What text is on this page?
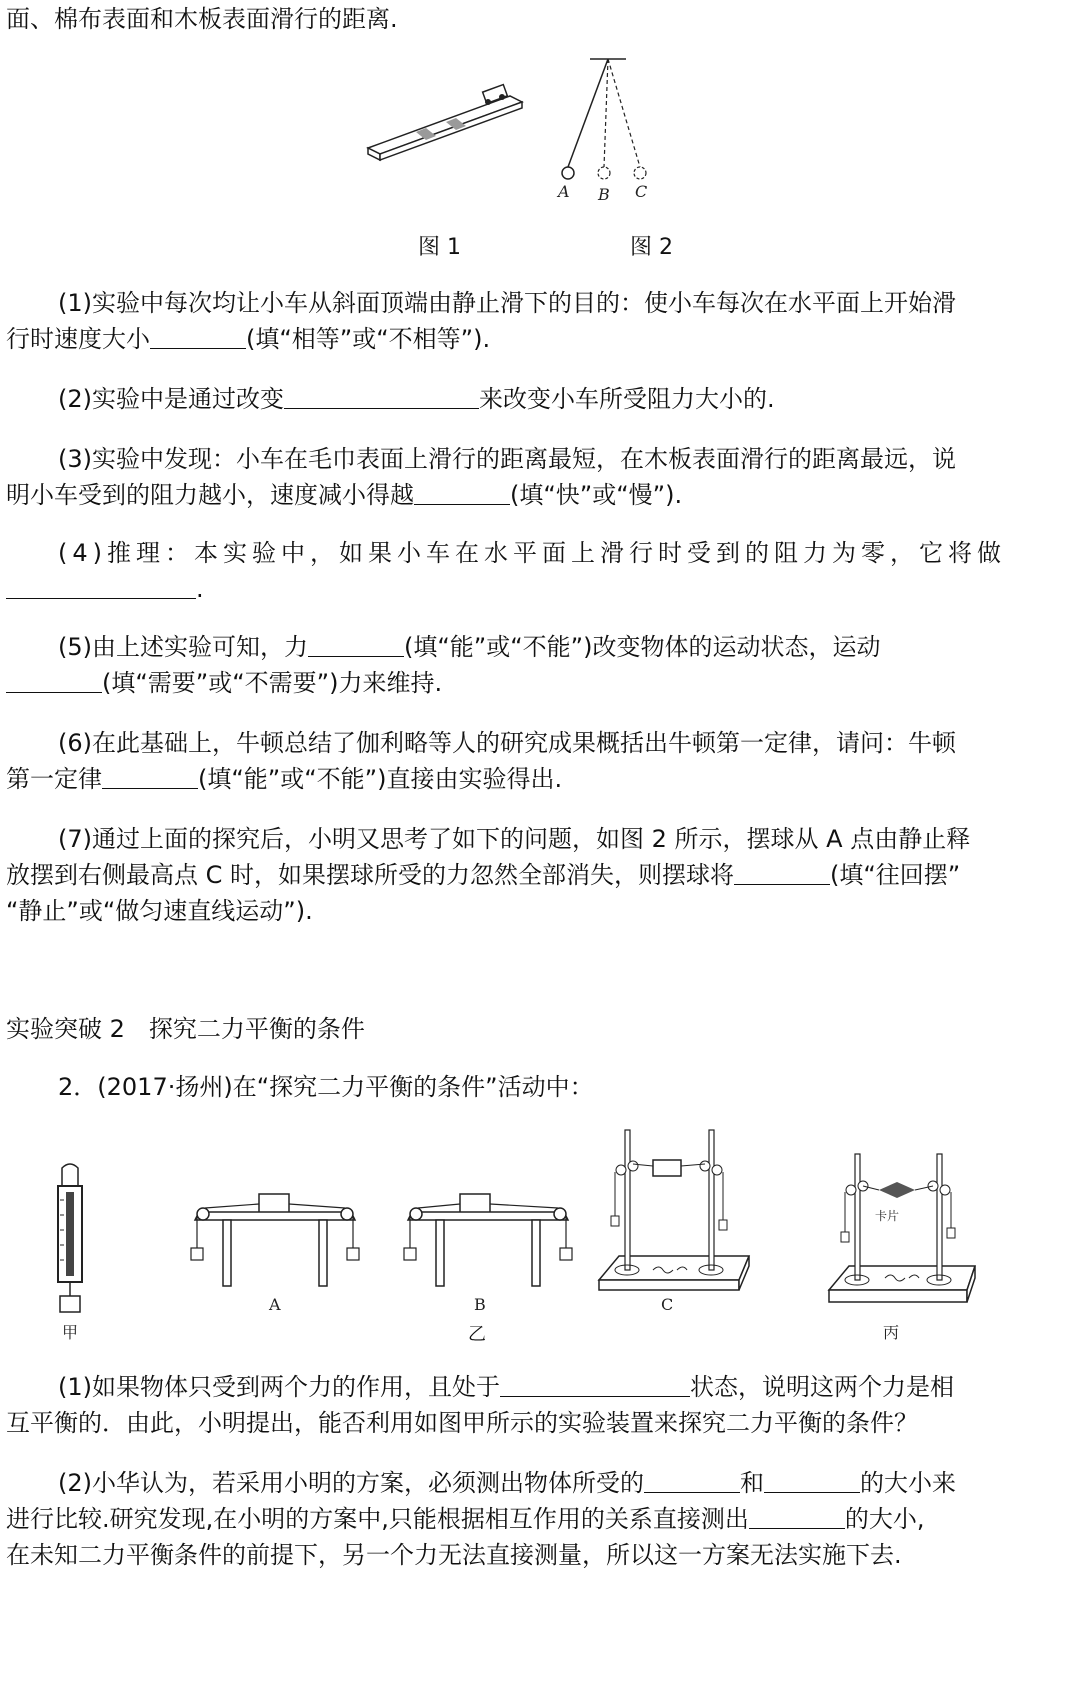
面、棉布表面和木板表面滑行的距离.
图 1
A B C
图 2
(1)实验中每次均让小车从斜面顶端由静止滑下的目的：使小车每次在水平面上开始滑
行时速度大小	(填“相等”或“不相等”).
(2)实验中是通过改变	来改变小车所受阻力大小的.
(3)实验中发现：小车在毛巾表面上滑行的距离最短，在木板表面滑行的距离最远，说
明小车受到的阻力越小，速度减小得越	(填“快”或“慢”).
(4)推理：本实验中，如果小车在水平面上滑行时受到的阻力为零，它将做
.
(5)由上述实验可知，力	(填“能”或“不能”)改变物体的运动状态，运动
(填“需要”或“不需要”)力来维持.
(6)在此基础上，牛顿总结了伽利略等人的研究成果概括出牛顿第一定律，请问：牛顿
第一定律	(填“能”或“不能”)直接由实验得出.
(7)通过上面的探究后，小明又思考了如下的问题，如图 2 所示，摆球从 A 点由静止释
放摆到右侧最高点 C 时，如果摆球所受的力忽然全部消失，则摆球将	(填“往回摆”
“静止”或“做匀速直线运动”).
实验突破 2　探究二力平衡的条件
2．(2017·扬州)在“探究二力平衡的条件”活动中：
甲
A	B
乙
C
卡片
丙
(1)如果物体只受到两个力的作用，且处于	状态，说明这两个力是相
互平衡的．由此，小明提出，能否利用如图甲所示的实验装置来探究二力平衡的条件？
(2)小华认为，若采用小明的方案，必须测出物体所受的	和	的大小来
进行比较.研究发现,在小明的方案中,只能根据相互作用的关系直接测出	的大小,
在未知二力平衡条件的前提下，另一个力无法直接测量，所以这一方案无法实施下去.
